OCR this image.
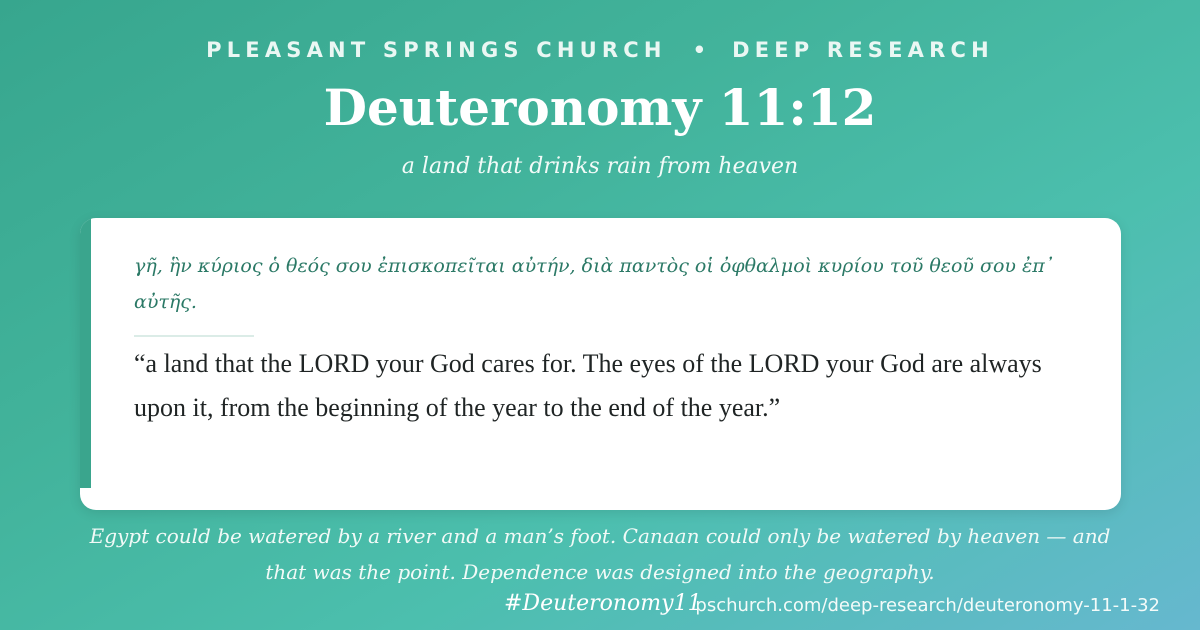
PLEASANT SPRINGS CHURCH • DEEP RESEARCH
Deuteronomy 11:12
a land that drinks rain from heaven
γῆ, ἣν κύριος ὁ θεός σου ἐπισκοπεῖται αὐτήν, διὰ παντὸς οἱ ὀφθαλμοὶ κυρίου τοῦ θεοῦ σου ἐπ᾽ αὐτῆς.
“a land that the LORD your God cares for. The eyes of the LORD your God are always upon it, from the beginning of the year to the end of the year.”
Egypt could be watered by a river and a man’s foot. Canaan could only be watered by heaven — and that was the point. Dependence was designed into the geography.
pschurch.com/deep-research/deuteronomy-11-1-32
#Deuteronomy11
